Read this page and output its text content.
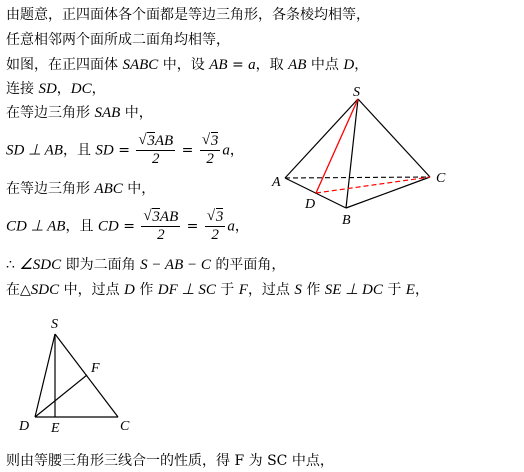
由题意，正四面体各个面都是等边三角形，各条棱均相等，
任意相邻两个面所成二面角均相等，
如图，在正四面体 SABC 中，设 AB = a，取 AB 中点 D，
连接 SD，DC，
在等边三角形 SAB 中，
SD ⊥ AB，且 SD = √ $\frac{3AB}{2}$ = √ $\frac{3}{2}$ a，
在等边三角形 ABC 中，
CD ⊥ AB，且 CD = √ $\frac{3AB}{2}$ = √ $\frac{3}{2}$ a，
∴ ∠SDC 即为二面角 S − AB − C 的平面角，
在△SDC 中，过点 D 作 DF ⊥ SC 于 F，过点 S 作 SE ⊥ DC 于 E，
则由等腰三角形三线合一的性质，得 F 为 SC 中点，
S
A
B
C
D
S
F
D E	C
